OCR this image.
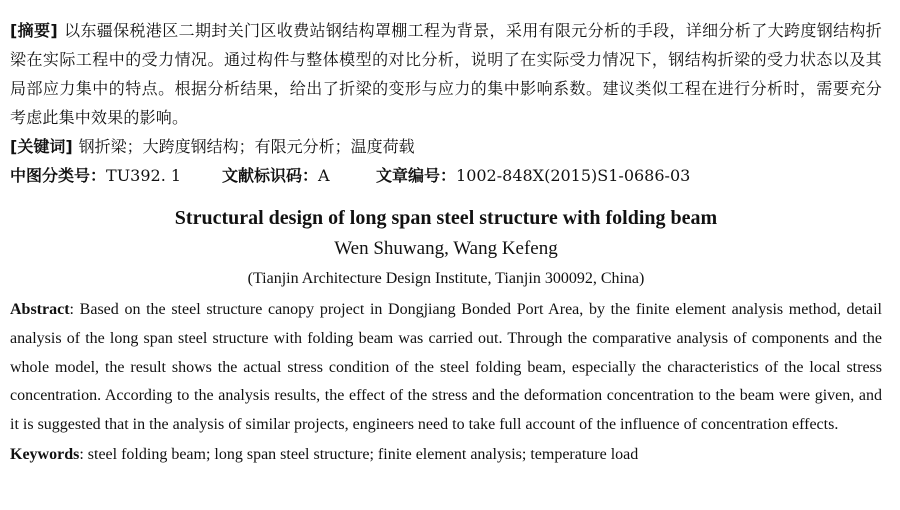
[摘要] 以东疆保税港区二期封关门区收费站钢结构罩棚工程为背景，采用有限元分析的手段，详细分析了大跨度钢结构折梁在实际工程中的受力情况。通过构件与整体模型的对比分析，说明了在实际受力情况下，钢结构折梁的受力状态以及其局部应力集中的特点。根据分析结果，给出了折梁的变形与应力的集中影响系数。建议类似工程在进行分析时，需要充分考虑此集中效果的影响。
[关键词] 钢折梁；大跨度钢结构；有限元分析；温度荷载
中图分类号：TU392. 1	文献标识码：A	文章编号：1002-848X(2015)S1-0686-03
Structural design of long span steel structure with folding beam
Wen Shuwang, Wang Kefeng
(Tianjin Architecture Design Institute, Tianjin 300092, China)
Abstract: Based on the steel structure canopy project in Dongjiang Bonded Port Area, by the finite element analysis method, detail analysis of the long span steel structure with folding beam was carried out. Through the comparative analysis of components and the whole model, the result shows the actual stress condition of the steel folding beam, especially the characteristics of the local stress concentration. According to the analysis results, the effect of the stress and the deformation concentration to the beam were given, and it is suggested that in the analysis of similar projects, engineers need to take full account of the influence of concentration effects.
Keywords: steel folding beam; long span steel structure; finite element analysis; temperature load
